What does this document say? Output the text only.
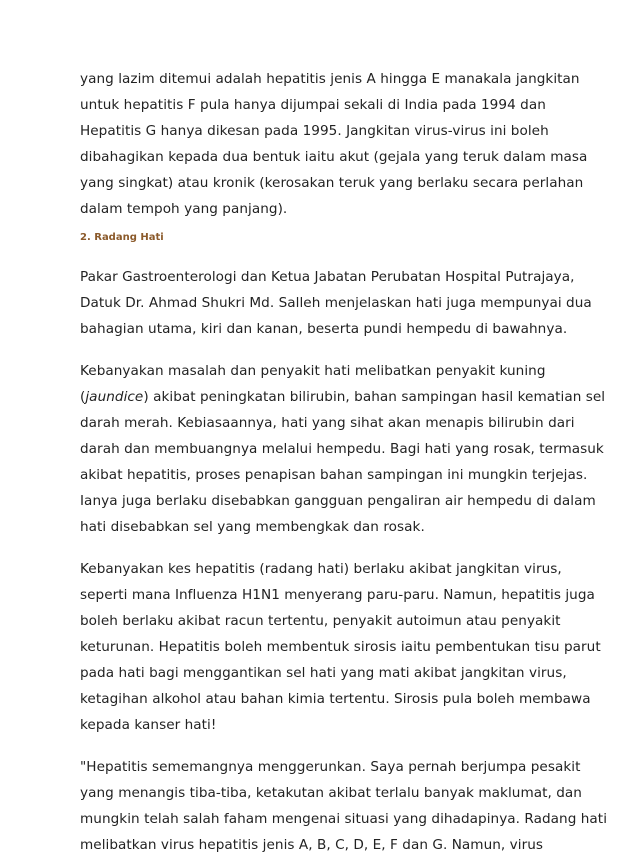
yang lazim ditemui adalah hepatitis jenis A hingga E manakala jangkitan
untuk hepatitis F pula hanya dijumpai sekali di India pada 1994 dan
Hepatitis G hanya dikesan pada 1995. Jangkitan virus-virus ini boleh
dibahagikan kepada dua bentuk iaitu akut (gejala yang teruk dalam masa
yang singkat) atau kronik (kerosakan teruk yang berlaku secara perlahan
dalam tempoh yang panjang).

2. Radang Hati

Pakar Gastroenterologi dan Ketua Jabatan Perubatan Hospital Putrajaya,
Datuk Dr. Ahmad Shukri Md. Salleh menjelaskan hati juga mempunyai dua
bahagian utama, kiri dan kanan, beserta pundi hempedu di bawahnya.

Kebanyakan masalah dan penyakit hati melibatkan penyakit kuning
(jaundice) akibat peningkatan bilirubin, bahan sampingan hasil kematian sel
darah merah. Kebiasaannya, hati yang sihat akan menapis bilirubin dari
darah dan membuangnya melalui hempedu. Bagi hati yang rosak, termasuk
akibat hepatitis, proses penapisan bahan sampingan ini mungkin terjejas.
Ianya juga berlaku disebabkan gangguan pengaliran air hempedu di dalam
hati disebabkan sel yang membengkak dan rosak.

Kebanyakan kes hepatitis (radang hati) berlaku akibat jangkitan virus,
seperti mana Influenza H1N1 menyerang paru-paru. Namun, hepatitis juga
boleh berlaku akibat racun tertentu, penyakit autoimun atau penyakit
keturunan. Hepatitis boleh membentuk sirosis iaitu pembentukan tisu parut
pada hati bagi menggantikan sel hati yang mati akibat jangkitan virus,
ketagihan alkohol atau bahan kimia tertentu. Sirosis pula boleh membawa
kepada kanser hati!

"Hepatitis sememangnya menggerunkan. Saya pernah berjumpa pesakit
yang menangis tiba-tiba, ketakutan akibat terlalu banyak maklumat, dan
mungkin telah salah faham mengenai situasi yang dihadapinya. Radang hati
melibatkan virus hepatitis jenis A, B, C, D, E, F dan G. Namun, virus
